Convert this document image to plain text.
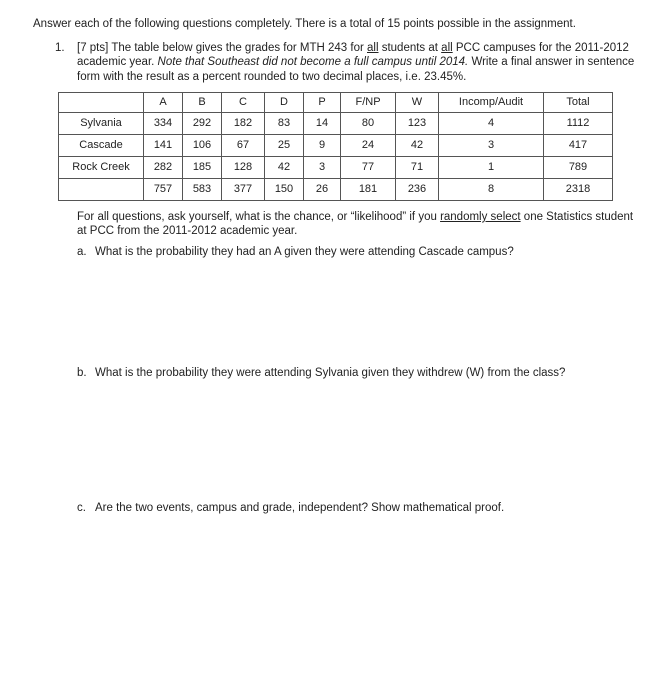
Answer each of the following questions completely. There is a total of 15 points possible in the assignment.
1. [7 pts] The table below gives the grades for MTH 243 for all students at all PCC campuses for the 2011-2012 academic year. Note that Southeast did not become a full campus until 2014. Write a final answer in sentence form with the result as a percent rounded to two decimal places, i.e. 23.45%.
	A	B	C	D	P	F/NP	W	Incomp/Audit	Total
Sylvania	334	292	182	83	14	80	123	4	1112
Cascade	141	106	67	25	9	24	42	3	417
Rock Creek	282	185	128	42	3	77	71	1	789
	757	583	377	150	26	181	236	8	2318
For all questions, ask yourself, what is the chance, or “likelihood” if you randomly select one Statistics student at PCC from the 2011-2012 academic year.
a. What is the probability they had an A given they were attending Cascade campus?
b. What is the probability they were attending Sylvania given they withdrew (W) from the class?
c. Are the two events, campus and grade, independent? Show mathematical proof.
